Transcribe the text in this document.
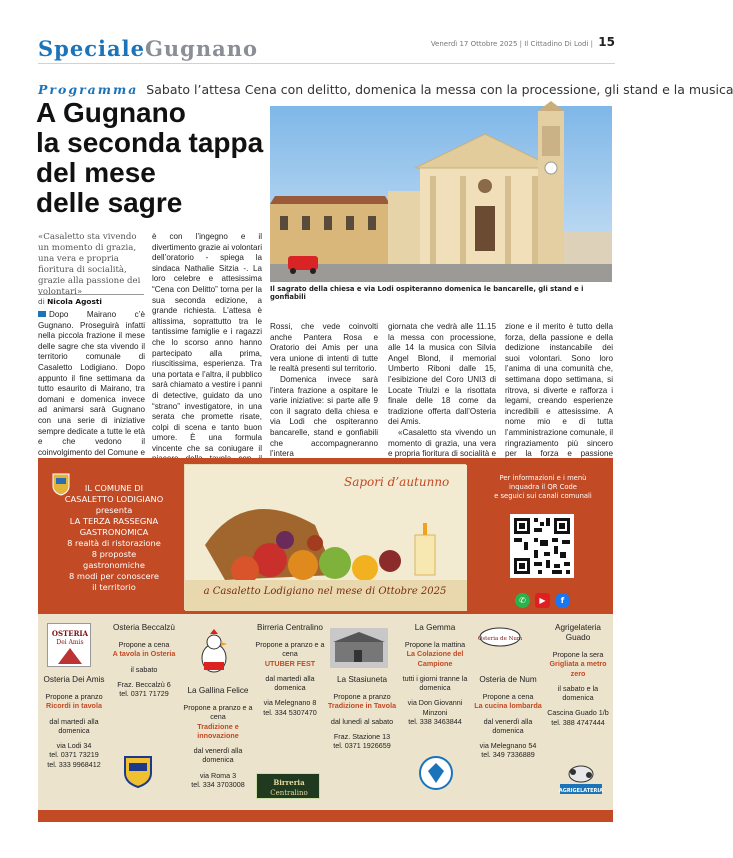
SpecialeGugnano	Venerdì 17 Ottobre 2025 | Il Cittadino Di Lodi | 15
Programma Sabato l’attesa Cena con delitto, domenica la messa con la processione, gli stand e la musica
A Gugnano
la seconda tappa
del mese
delle sagre
Il sagrato della chiesa e via Lodi ospiteranno domenica le bancarelle, gli stand e i gonfiabili
«Casaletto sta vivendo un momento di grazia, una vera e propria fioritura di socialità, grazie alla passione dei volontari»
di Nicola Agosti
Dopo Mairano c’è Gugnano. Proseguirà infatti nella piccola frazione il mese delle sagre che sta vivendo il territorio comunale di Casaletto Lodigiano. Dopo appunto il fine settimana da tutto esaurito di Mairano, tra domani e domenica invece ad animarsi sarà Gugnano con una serie di iniziative sempre dedicate a tutte le età e che vedono il coinvolgimento del Comune e
è con l’ingegno e il divertimento grazie ai volontari dell’oratorio - spiega la sindaca Nathalie Sitzia -. La loro celebre e attesissima “Cena con Delitto” torna per la sua seconda edizione, a grande richiesta. L’attesa è altissima, soprattutto tra le tantissime famiglie e i ragazzi che lo scorso anno hanno partecipato alla prima, riuscitissima, esperienza. Tra una portata e l’altra, il pubblico sarà chiamato a vestire i panni di detective, guidato da uno “strano” investigatore, in una serata che promette risate, colpi di scena e tanto buon umore. È una formula vincente che sa coniugare il
Rossi, che vede coinvolti anche Pantera Rosa e Oratorio dei Amis per una vera unione di intenti di tutte le realtà presenti sul territorio.

Domenica invece sarà l’intera frazione a ospitare le varie iniziative: si parte alle 9 con il sagrato della chiesa e via Lodi che ospiteranno bancarelle, stand e gonfiabili che accompagneranno l’intera

giornata che vedrà alle 11.15 la messa con processione, alle 14 la musica con Silvia Angel Blond, il memorial Umberto Riboni dalle 15, l’esibizione del Coro UNI3 di Locate Triulzi e la risottata finale delle 18 come da tradizione offerta dall’Osteria dei Amis.

«Casaletto sta vivendo un momento di grazia, una vera e propria fioritura di socialità e

zione e il merito è tutto della forza, della passione e della dedizione instancabile dei suoi volontari. Sono loro l’anima di una comunità che, settimana dopo settimana, si ritrova, si diverte e rafforza i legami, creando esperienze incredibili e attesissime. A nome mio e di tutta l’amministrazione comunale, il ringraziamento più sincero per la forza e passione
IL COMUNE DI
CASALETTO LODIGIANO
presenta
LA TERZA RASSEGNA
GASTRONOMICA
8 realtà di ristorazione
8 proposte gastronomiche
8 modi per conoscere
il territorio
Sapori d’autunno
a Casaletto Lodigiano nel mese di Ottobre 2025
Per informazioni e i menù
inquadra il QR Code
e seguici sui canali comunali
✆	▶	f
OSTERIA
Dei Amis
Birreria
Centralino
Osteria de Num
AGRIGELATERIA
Osteria Dei Amis
Propone a pranzo
Ricordi in tavola
dal martedì alla domenica
via Lodi 34
tel. 0371 73219
tel. 333 9968412
Osteria Beccalzù
Propone a cena
A tavola in Osteria
il sabato
Fraz. Beccalzù 6
tel. 0371 71729	La Gallina Felice
Propone a pranzo e a cena
Tradizione e innovazione
dal venerdì alla domenica
via Roma 3
tel. 334 3703008
Birreria Centralino
Propone a pranzo e a cena
UTUBER FEST
dal martedì alla domenica
via Melegnano 8
tel. 334 5307470
La Stasiuneta
Propone a pranzo
Tradizione in Tavola
dal lunedì al sabato
Fraz. Stazione 13
tel. 0371 1926659
La Gemma
Propone la mattina
La Colazione del Campione
tutti i giorni tranne la domenica
via Don Giovanni Minzoni
tel. 338 3463844
Osteria de Num
Propone a cena
La cucina lombarda
dal venerdì alla domenica
via Melegnano 54
tel. 349 7336889
Agrigelateria Guado
Propone la sera
Grigliata a metro zero
il sabato e la domenica
Cascina Guado 1/b
tel. 388 4747444
